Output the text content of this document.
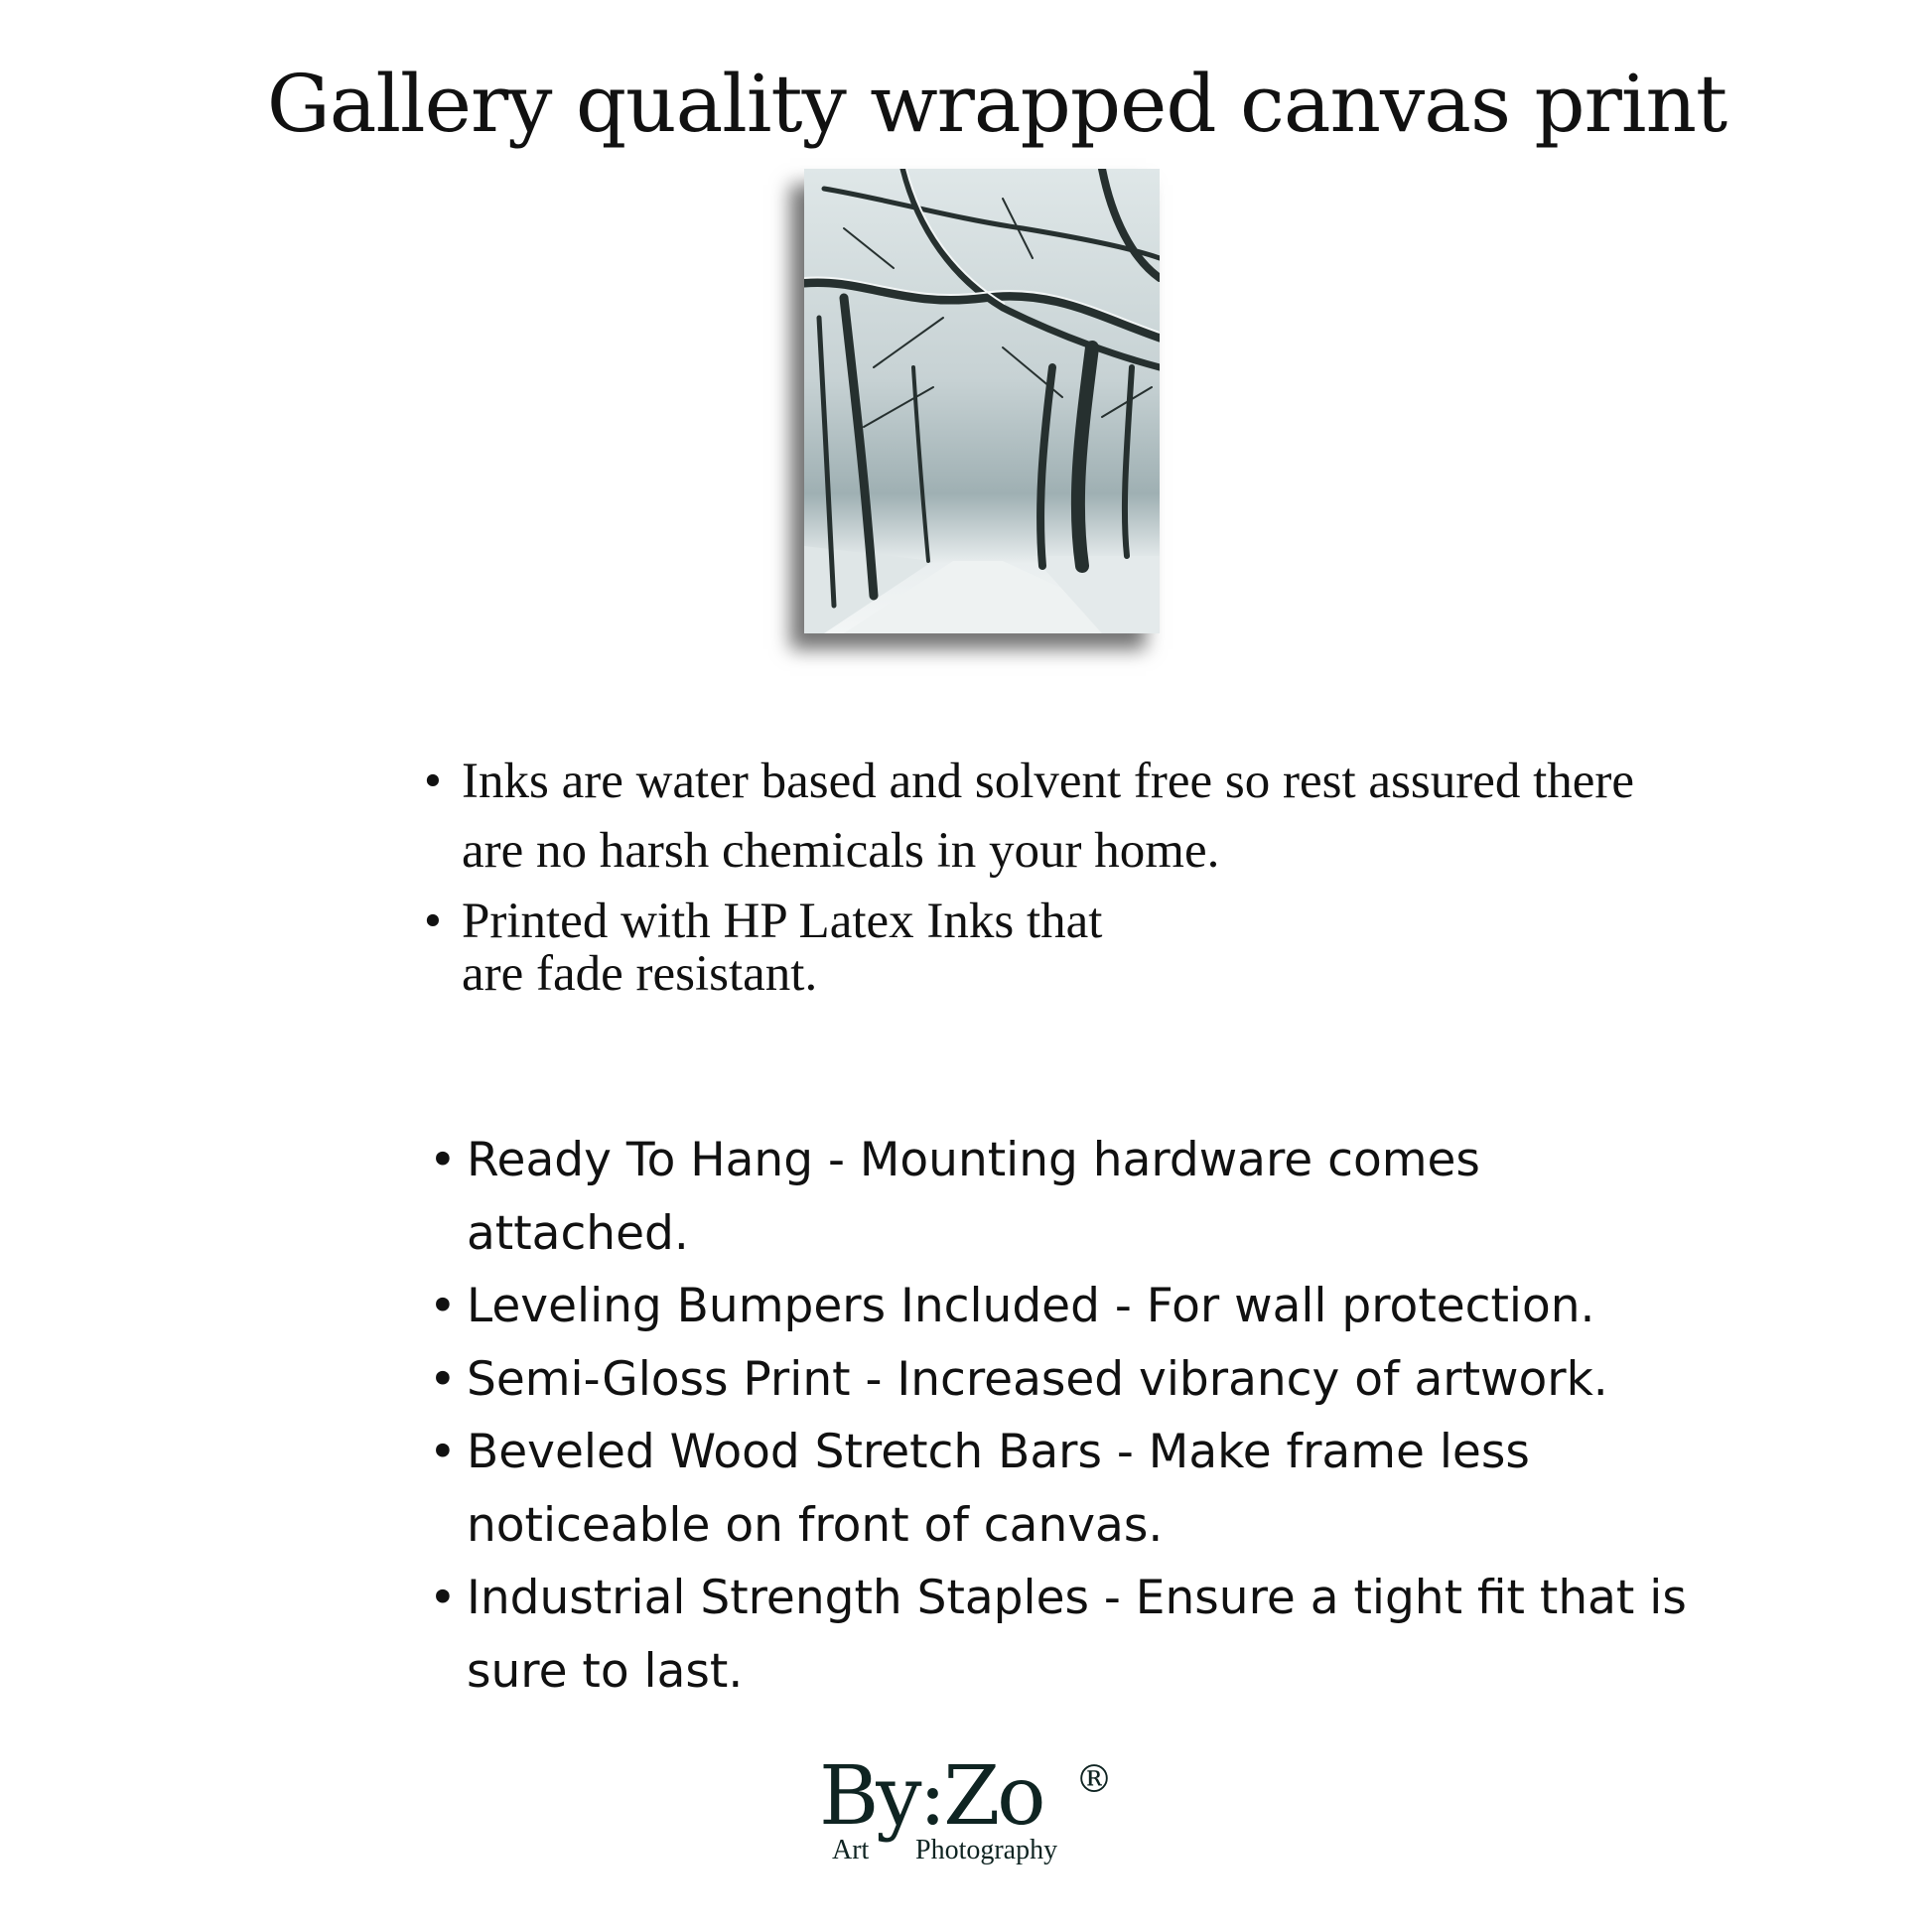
Gallery quality wrapped canvas print
• Inks are water based and solvent free so rest assured there are no harsh chemicals in your home.
• Printed with HP Latex Inks that are fade resistant.
• Ready To Hang - Mounting hardware comes attached.
• Leveling Bumpers Included - For wall protection.
• Semi-Gloss Print - Increased vibrancy of artwork.
• Beveled Wood Stretch Bars - Make frame less noticeable on front of canvas.
• Industrial Strength Staples - Ensure a tight fit that is sure to last.
By:Zo ®
Art Photography
